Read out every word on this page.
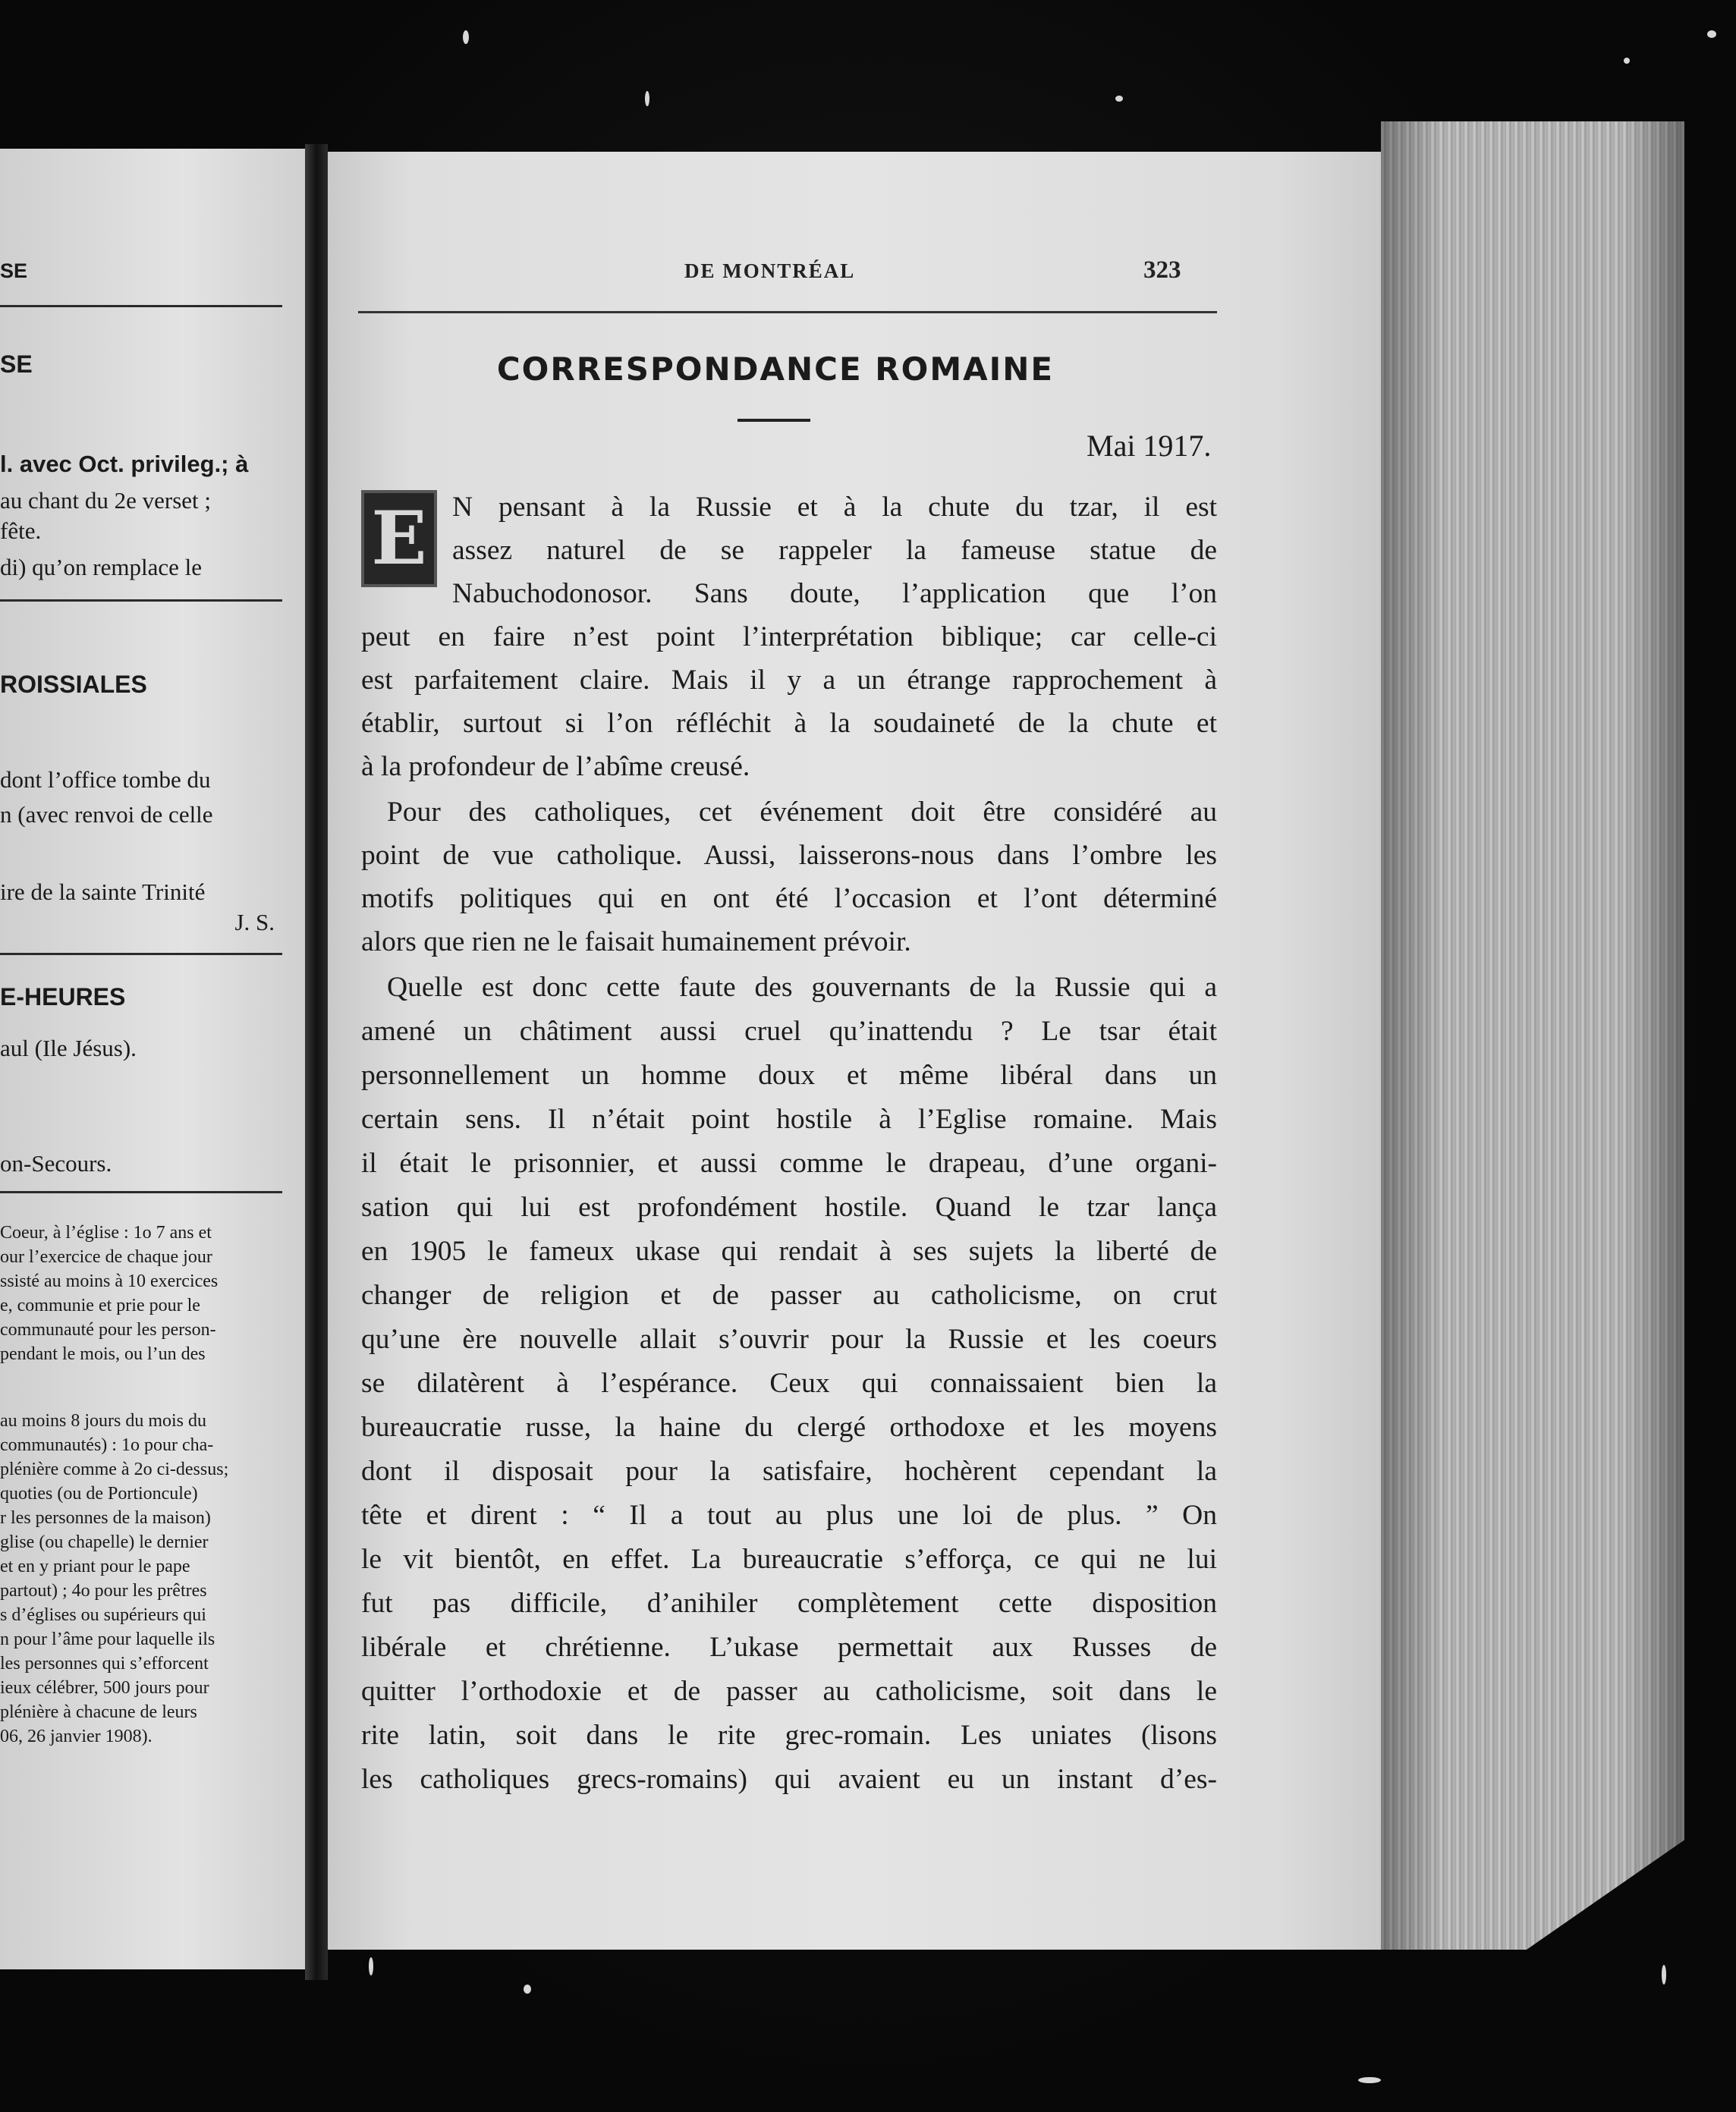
SE
SE
l. avec Oct. privileg.; à
au chant du 2e verset ;
fête.
di) qu’on remplace le
ROISSIALES
dont l’office tombe du
n (avec renvoi de celle
ire de la sainte Trinité
J. S.
E-HEURES
aul (Ile Jésus).
on-Secours.
Coeur, à l’église : 1o 7 ans et
our l’exercice de chaque jour
ssisté au moins à 10 exercices
e, communie et prie pour le
communauté pour les person-
pendant le mois, ou l’un des
au moins 8 jours du mois du
communautés) : 1o pour cha-
plénière comme à 2o ci-dessus;
quoties (ou de Portioncule)
r les personnes de la maison)
glise (ou chapelle) le dernier
et en y priant pour le pape
partout) ; 4o pour les prêtres
s d’églises ou supérieurs qui
n pour l’âme pour laquelle ils
les personnes qui s’efforcent
ieux célébrer, 500 jours pour
plénière à chacune de leurs
06, 26 janvier 1908).
DE MONTRÉAL	323
CORRESPONDANCE ROMAINE
Mai 1917.
E N pensant à la Russie et à la chute du tzar, il est
assez naturel de se rappeler la fameuse statue de
Nabuchodonosor. Sans doute, l’application que l’on
peut en faire n’est point l’interprétation biblique; car celle-ci
est parfaitement claire. Mais il y a un étrange rapprochement à
établir, surtout si l’on réfléchit à la soudaineté de la chute et
à la profondeur de l’abîme creusé.
Pour des catholiques, cet événement doit être considéré au
point de vue catholique. Aussi, laisserons-nous dans l’ombre les
motifs politiques qui en ont été l’occasion et l’ont déterminé
alors que rien ne le faisait humainement prévoir.
Quelle est donc cette faute des gouvernants de la Russie qui a
amené un châtiment aussi cruel qu’inattendu ? Le tsar était
personnellement un homme doux et même libéral dans un
certain sens. Il n’était point hostile à l’Eglise romaine. Mais
il était le prisonnier, et aussi comme le drapeau, d’une organi-
sation qui lui est profondément hostile. Quand le tzar lança
en 1905 le fameux ukase qui rendait à ses sujets la liberté de
changer de religion et de passer au catholicisme, on crut
qu’une ère nouvelle allait s’ouvrir pour la Russie et les coeurs
se dilatèrent à l’espérance. Ceux qui connaissaient bien la
bureaucratie russe, la haine du clergé orthodoxe et les moyens
dont il disposait pour la satisfaire, hochèrent cependant la
tête et dirent : “ Il a tout au plus une loi de plus. ” On
le vit bientôt, en effet. La bureaucratie s’efforça, ce qui ne lui
fut pas difficile, d’anihiler complètement cette disposition
libérale et chrétienne. L’ukase permettait aux Russes de
quitter l’orthodoxie et de passer au catholicisme, soit dans le
rite latin, soit dans le rite grec-romain. Les uniates (lisons
les catholiques grecs-romains) qui avaient eu un instant d’es-
